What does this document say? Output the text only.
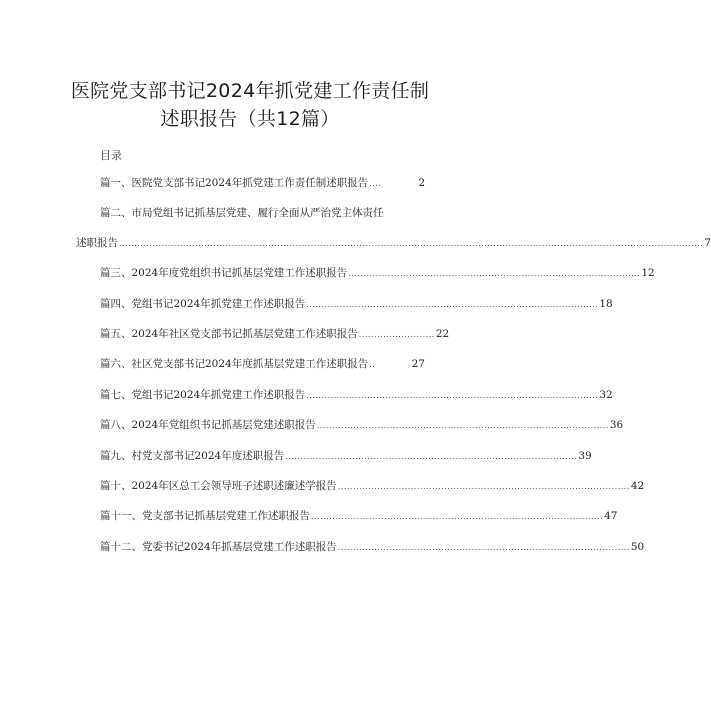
医院党支部书记2024年抓党建工作责任制
述职报告（共12篇）
目录
篇一、医院党支部书记2024年抓党建工作责任制述职报告 ....	2
篇二、市局党组书记抓基层党建、履行全面从严治党主体责任
述职报告 ................................................................................................................................................................................................ 7
篇三、2024年度党组织书记抓基层党建工作述职报告 ................................................................................................ 12
篇四、党组书记2024年抓党建工作述职报告 ................................................................................................ 18
篇五、2024年社区党支部书记抓基层党建工作述职报告 ......................... 22
篇六、社区党支部书记2024年度抓基层党建工作述职报告 ..	27
篇七、党组书记2024年抓党建工作述职报告 ................................................................................................ 32
篇八、2024年党组织书记抓基层党建述职报告 ................................................................................................ 36
篇九、村党支部书记2024年度述职报告 ................................................................................................ 39
篇十、2024年区总工会领导班子述职述廉述学报告 ................................................................................................ 42
篇十一、党支部书记抓基层党建工作述职报告 ................................................................................................ 47
篇十二、党委书记2024年抓基层党建工作述职报告 ................................................................................................ 50
